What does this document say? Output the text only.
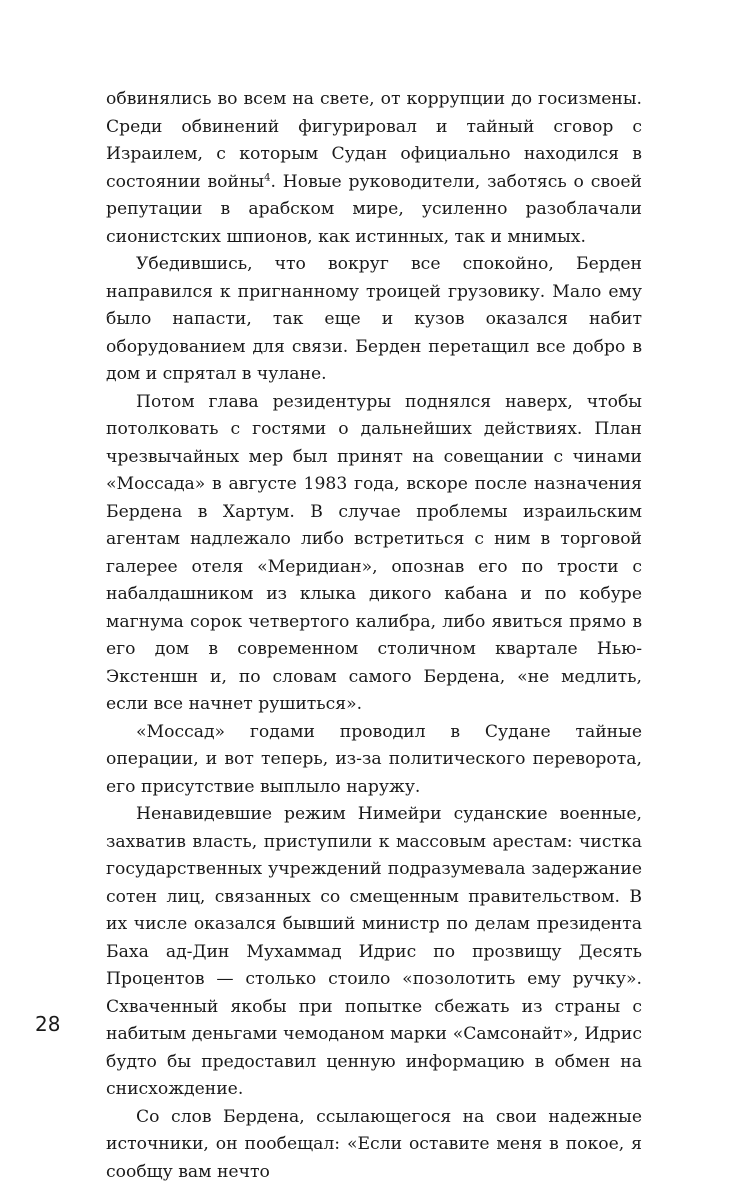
обвинялись во всем на свете, от коррупции до госизмены. Среди обвинений фигурировал и тайный сговор с Израилем, с которым Судан официально находился в состоянии войны$^4$. Новые руководители, заботясь о своей репутации в арабском мире, усиленно разоблачали сионистских шпионов, как истинных, так и мнимых.

Убедившись, что вокруг все спокойно, Берден направился к пригнанному троицей грузовику. Мало ему было напасти, так еще и кузов оказался набит оборудованием для связи. Берден перетащил все добро в дом и спрятал в чулане.

Потом глава резидентуры поднялся наверх, чтобы потолковать с гостями о дальнейших действиях. План чрезвычайных мер был принят на совещании с чинами «Моссада» в августе 1983 года, вскоре после назначения Бердена в Хартум. В случае проблемы израильским агентам надлежало либо встретиться с ним в торговой галерее отеля «Меридиан», опознав его по трости с набалдашником из клыка дикого кабана и по кобуре магнума сорок четвертого калибра, либо явиться прямо в его дом в современном столичном квартале Нью-Экстеншн и, по словам самого Бердена, «не медлить, если все начнет рушиться».

«Моссад» годами проводил в Судане тайные операции, и вот теперь, из-за политического переворота, его присутствие выплыло наружу.

Ненавидевшие режим Нимейри суданские военные, захватив власть, приступили к массовым арестам: чистка государственных учреждений подразумевала задержание сотен лиц, связанных со смещенным правительством. В их числе оказался бывший министр по делам президента Баха ад-Дин Мухаммад Идрис по прозвищу Десять Процентов — столько стоило «позолотить ему ручку». Схваченный якобы при попытке сбежать из страны с набитым деньгами чемоданом марки «Самсонайт», Идрис будто бы предоставил ценную информацию в обмен на снисхождение.

Со слов Бердена, ссылающегося на свои надежные источники, он пообещал: «Если оставите меня в покое, я сообщу вам нечто

28
